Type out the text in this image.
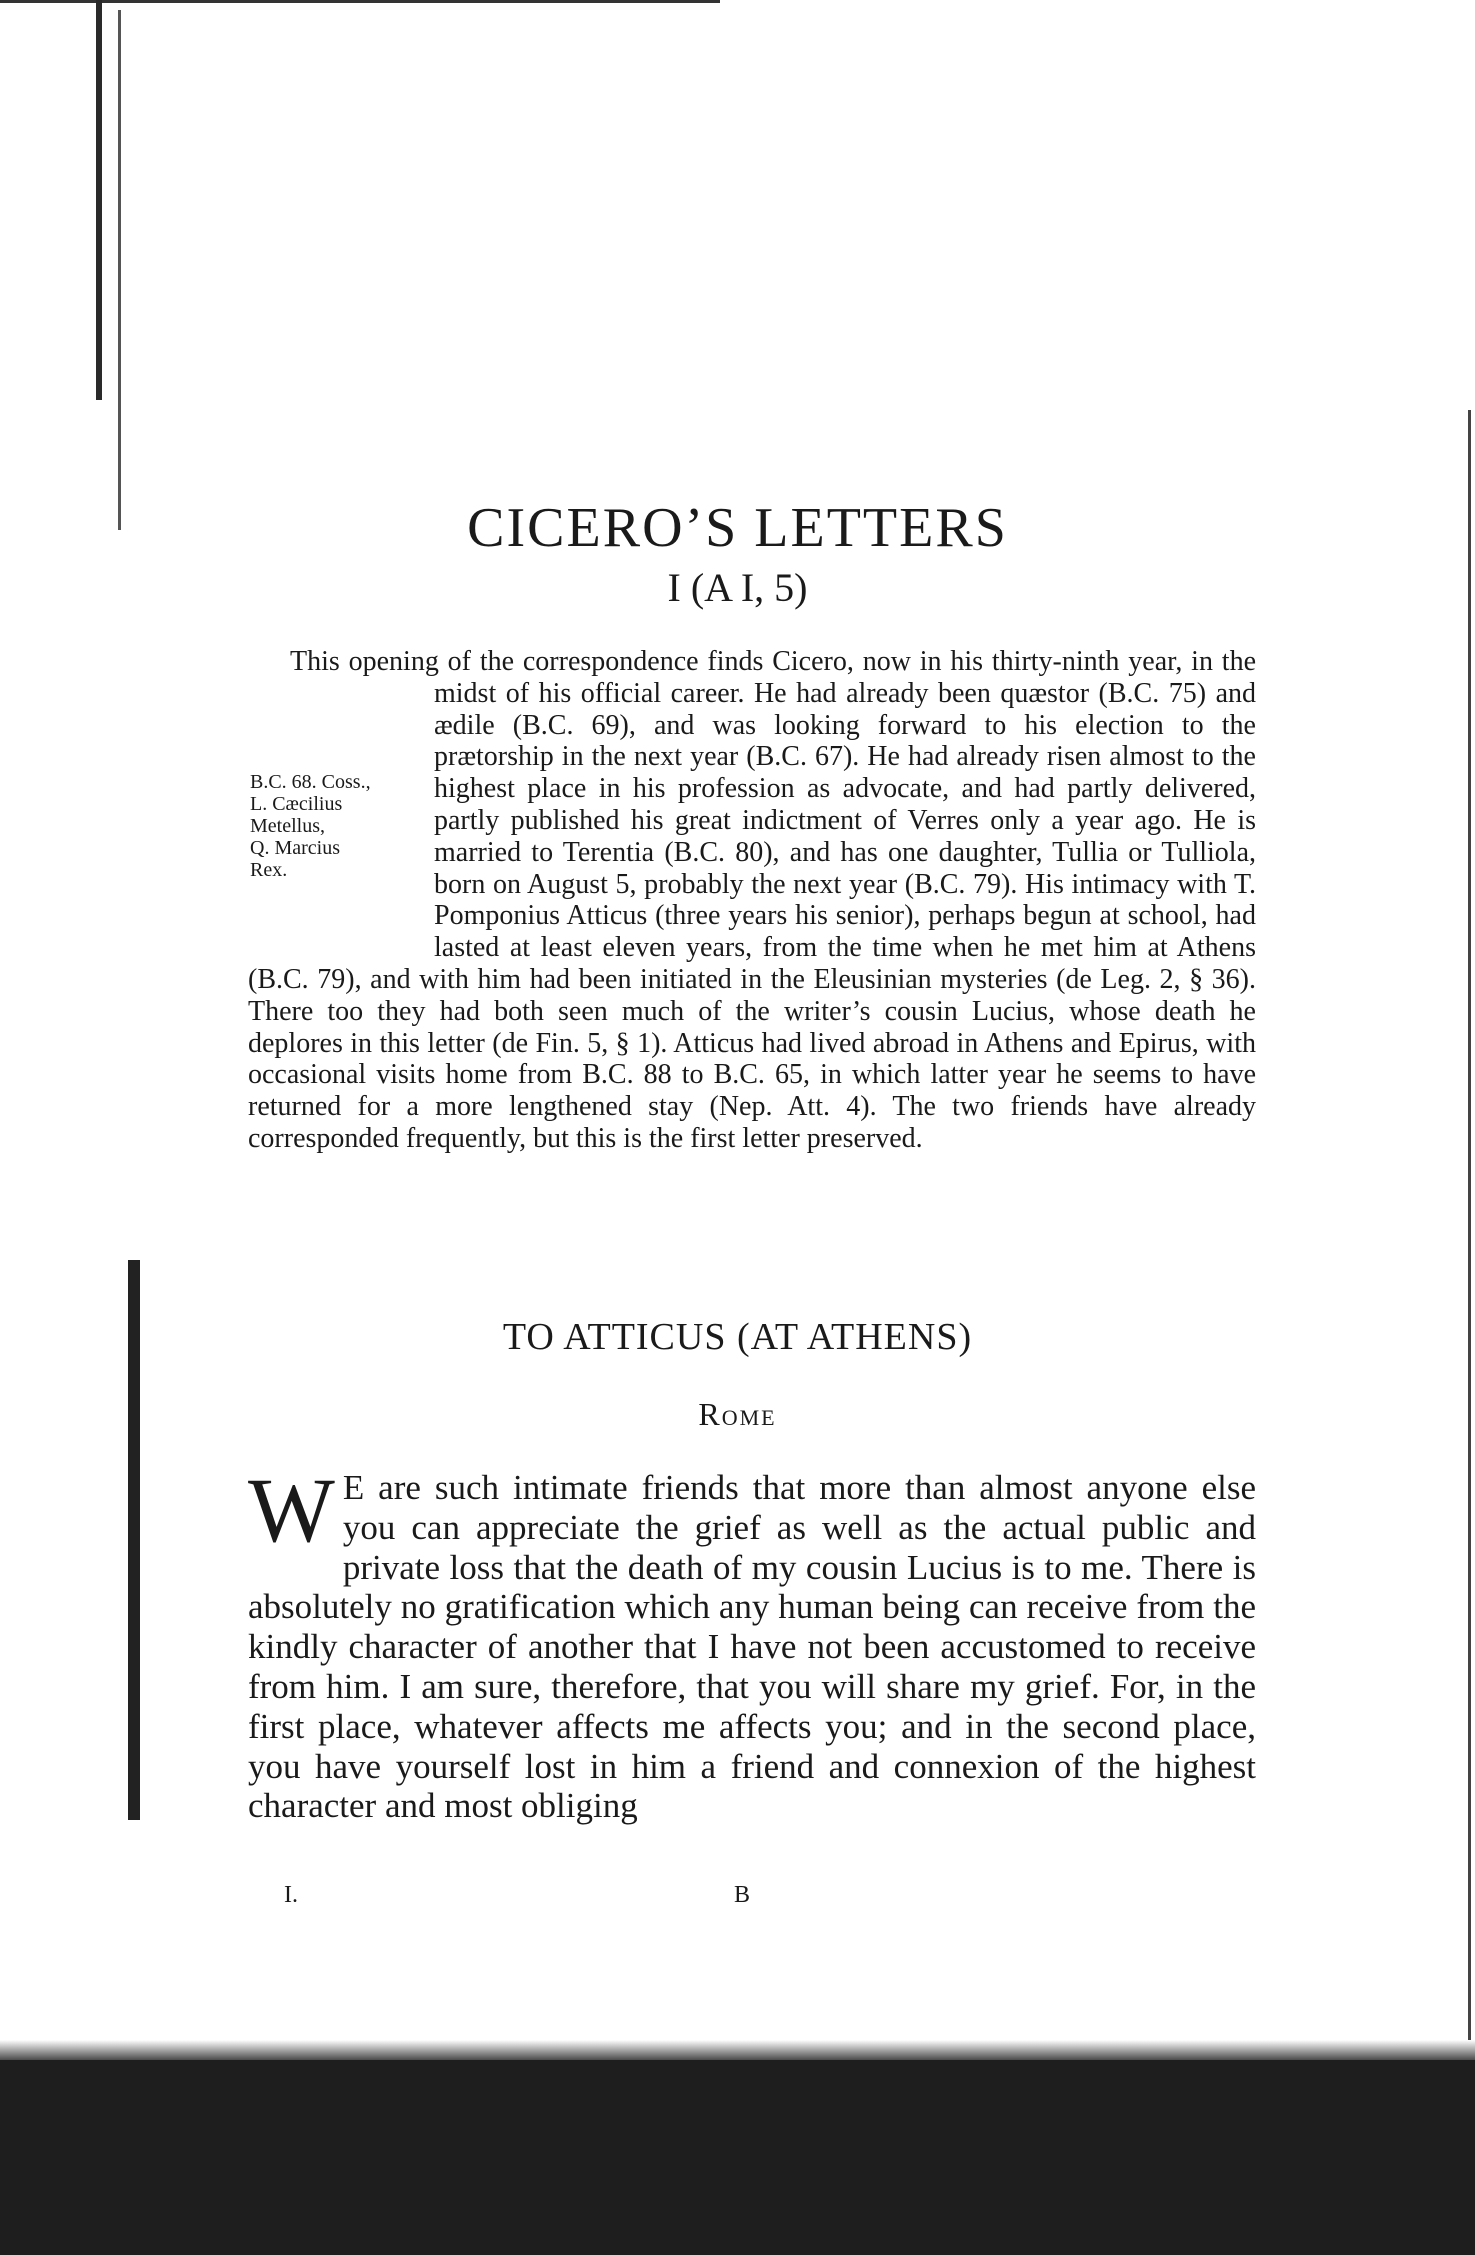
CICERO’S LETTERS
I (A I, 5)

This opening of the correspondence finds Cicero, now in his thirty-ninth year, in the midst of his official career. He had already been quæstor (B.C. 75) and ædile (B.C. 69), and was looking forward to his election to the prætorship in the next year (B.C. 67). He had already risen almost to the highest place in his profession as advocate, and had partly delivered, partly published his great indictment of Verres only a year ago. He is married to Terentia (B.C. 80), and has one daughter, Tullia or Tulliola, born on August 5, probably the next year (B.C. 79). His intimacy with T. Pomponius Atticus (three years his senior), perhaps begun at school, had lasted at least eleven years, from the time when he met him at Athens (B.C. 79), and with him had been initiated in the Eleusinian mysteries (de Leg. 2, § 36). There too they had both seen much of the writer’s cousin Lucius, whose death he deplores in this letter (de Fin. 5, § 1). Atticus had lived abroad in Athens and Epirus, with occasional visits home from B.C. 88 to B.C. 65, in which latter year he seems to have returned for a more lengthened stay (Nep. Att. 4). The two friends have already corresponded frequently, but this is the first letter preserved.

B.C. 68. Coss.,
L. Cæcilius
Metellus,
Q. Marcius
Rex.
TO ATTICUS (AT ATHENS)
Rome
W E are such intimate friends that more than almost anyone else you can appreciate the grief as well as the actual public and private loss that the death of my cousin Lucius is to me. There is absolutely no gratification which any human being can receive from the kindly character of another that I have not been accustomed to receive from him. I am sure, therefore, that you will share my grief. For, in the first place, whatever affects me affects you; and in the second place, you have yourself lost in him a friend and connexion of the highest character and most obliging

I.	B
